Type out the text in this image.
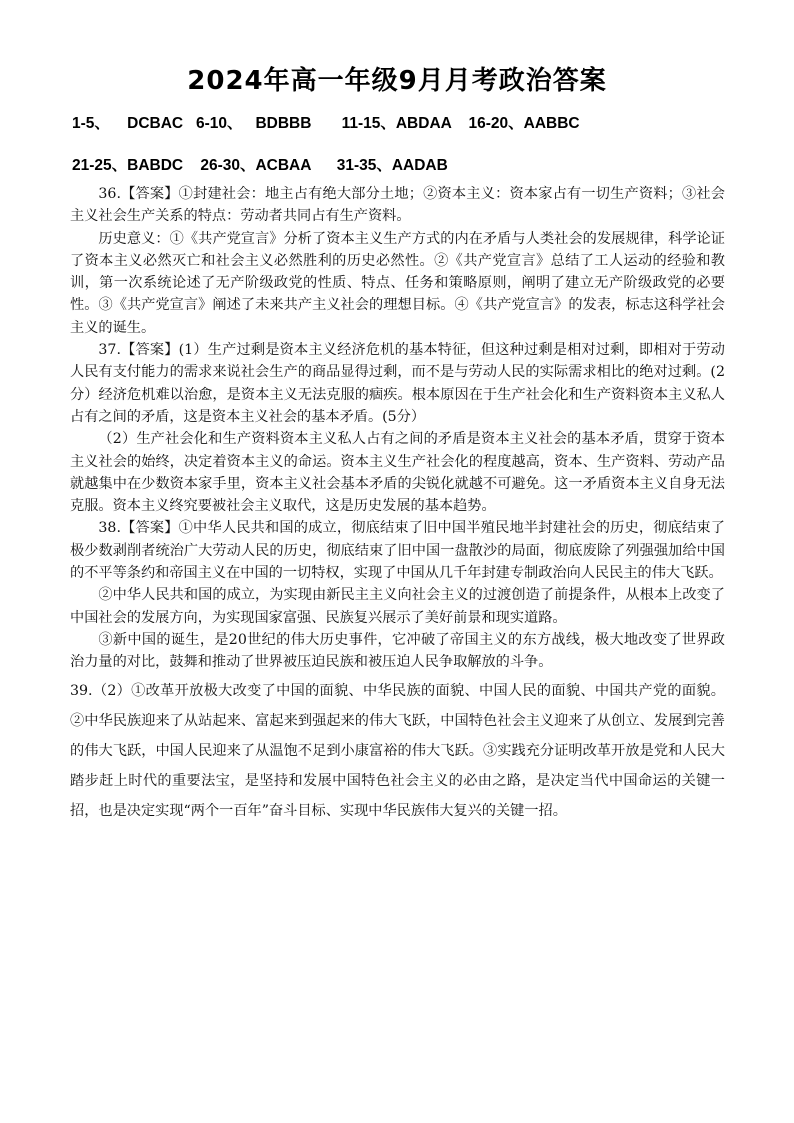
2024年高一年级9月月考政治答案
1-5、    DCBAC   6-10、   BDBBB       11-15、ABDAA    16-20、AABBC
21-25、BABDC    26-30、ACBAA      31-35、AADAB

36.【答案】①封建社会：地主占有绝大部分土地；②资本主义：资本家占有一切生产资料；③社会主义社会生产关系的特点：劳动者共同占有生产资料。

历史意义：①《共产党宣言》分析了资本主义生产方式的内在矛盾与人类社会的发展规律，科学论证了资本主义必然灭亡和社会主义必然胜利的历史必然性。②《共产党宣言》总结了工人运动的经验和教训，第一次系统论述了无产阶级政党的性质、特点、任务和策略原则，阐明了建立无产阶级政党的必要性。③《共产党宣言》阐述了未来共产主义社会的理想目标。④《共产党宣言》的发表，标志这科学社会主义的诞生。

37.【答案】(1）生产过剩是资本主义经济危机的基本特征，但这种过剩是相对过剩，即相对于劳动人民有支付能力的需求来说社会生产的商品显得过剩，而不是与劳动人民的实际需求相比的绝对过剩。(2分）经济危机难以治愈，是资本主义无法克服的痼疾。根本原因在于生产社会化和生产资料资本主义私人占有之间的矛盾，这是资本主义社会的基本矛盾。(5分）

（2）生产社会化和生产资料资本主义私人占有之间的矛盾是资本主义社会的基本矛盾，贯穿于资本主义社会的始终，决定着资本主义的命运。资本主义生产社会化的程度越高，资本、生产资料、劳动产品就越集中在少数资本家手里，资本主义社会基本矛盾的尖锐化就越不可避免。这一矛盾资本主义自身无法克服。资本主义终究要被社会主义取代，这是历史发展的基本趋势。

38.【答案】①中华人民共和国的成立，彻底结束了旧中国半殖民地半封建社会的历史，彻底结束了极少数剥削者统治广大劳动人民的历史，彻底结束了旧中国一盘散沙的局面，彻底废除了列强强加给中国的不平等条约和帝国主义在中国的一切特权，实现了中国从几千年封建专制政治向人民民主的伟大飞跃。

②中华人民共和国的成立，为实现由新民主主义向社会主义的过渡创造了前提条件，从根本上改变了中国社会的发展方向，为实现国家富强、民族复兴展示了美好前景和现实道路。

③新中国的诞生，是20世纪的伟大历史事件，它冲破了帝国主义的东方战线，极大地改变了世界政治力量的对比，鼓舞和推动了世界被压迫民族和被压迫人民争取解放的斗争。

39.（2）①改革开放极大改变了中国的面貌、中华民族的面貌、中国人民的面貌、中国共产党的面貌。②中华民族迎来了从站起来、富起来到强起来的伟大飞跃，中国特色社会主义迎来了从创立、发展到完善的伟大飞跃，中国人民迎来了从温饱不足到小康富裕的伟大飞跃。③实践充分证明改革开放是党和人民大踏步赶上时代的重要法宝，是坚持和发展中国特色社会主义的必由之路，是决定当代中国命运的关键一招，也是决定实现“两个一百年”奋斗目标、实现中华民族伟大复兴的关键一招。
